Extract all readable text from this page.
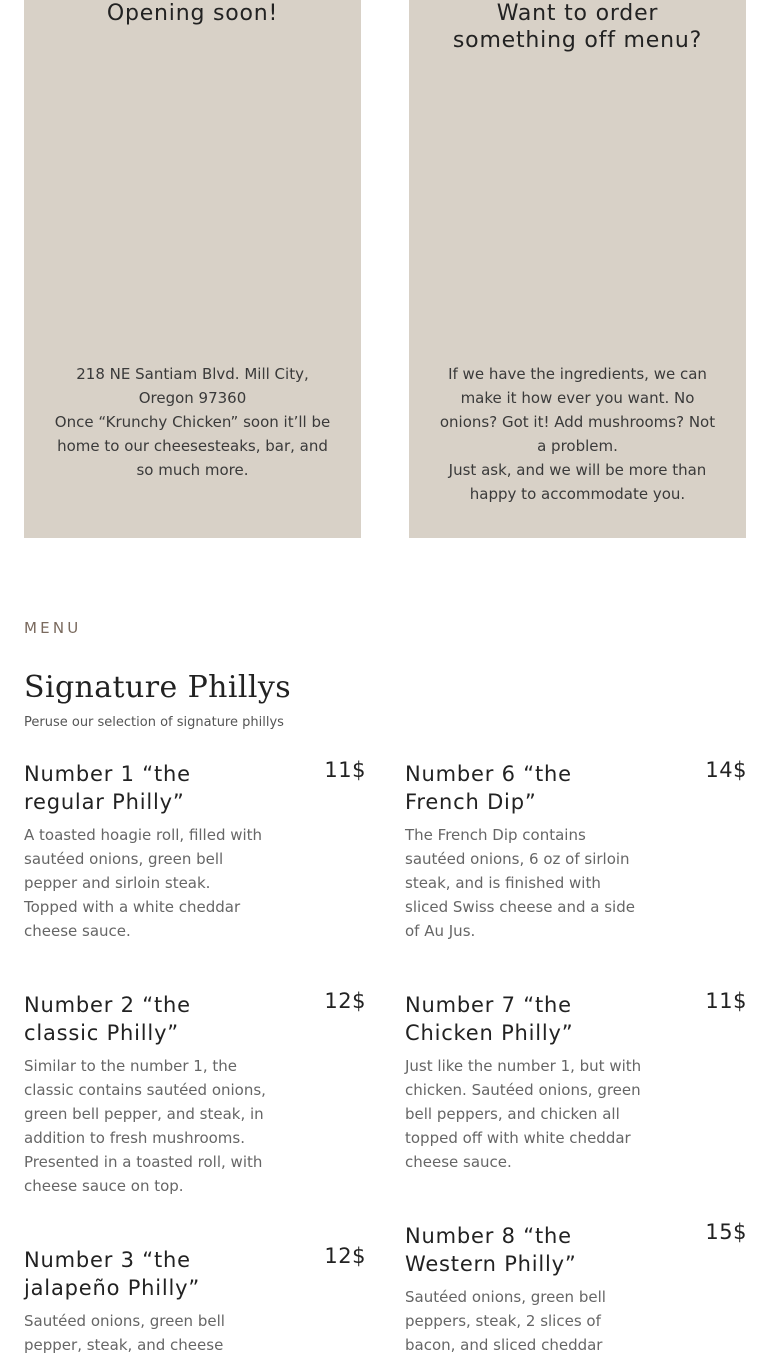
Opening soon!

218 NE Santiam Blvd. Mill City, Oregon 97360

Once “Krunchy Chicken” soon it’ll be home to our cheesesteaks, bar, and so much more.

Want to order
something off menu?

If we have the ingredients, we can make it how ever you want. No onions? Got it! Add mushrooms? Not a problem.

Just ask, and we will be more than happy to accommodate you.

MENU
Signature Phillys
Peruse our selection of signature phillys
Number 1 “the
regular Philly”
11$
A toasted hoagie roll, filled with sautéed onions, green bell pepper and sirloin steak. Topped with a white cheddar cheese sauce.
Number 6 “the
French Dip”
14$
The French Dip contains sautéed onions, 6 oz of sirloin steak, and is finished with sliced Swiss cheese and a side of Au Jus.
Number 2 “the
classic Philly”
12$
Similar to the number 1, the classic contains sautéed onions, green bell pepper, and steak, in addition to fresh mushrooms. Presented in a toasted roll, with cheese sauce on top.
Number 7 “the
Chicken Philly”
11$
Just like the number 1, but with chicken. Sautéed onions, green bell peppers, and chicken all topped off with white cheddar cheese sauce.
Number 3 “the
jalapeño Philly”
12$
Sautéed onions, green bell pepper, steak, and cheese
Number 8 “the
Western Philly”
15$
Sautéed onions, green bell peppers, steak, 2 slices of bacon, and sliced cheddar
